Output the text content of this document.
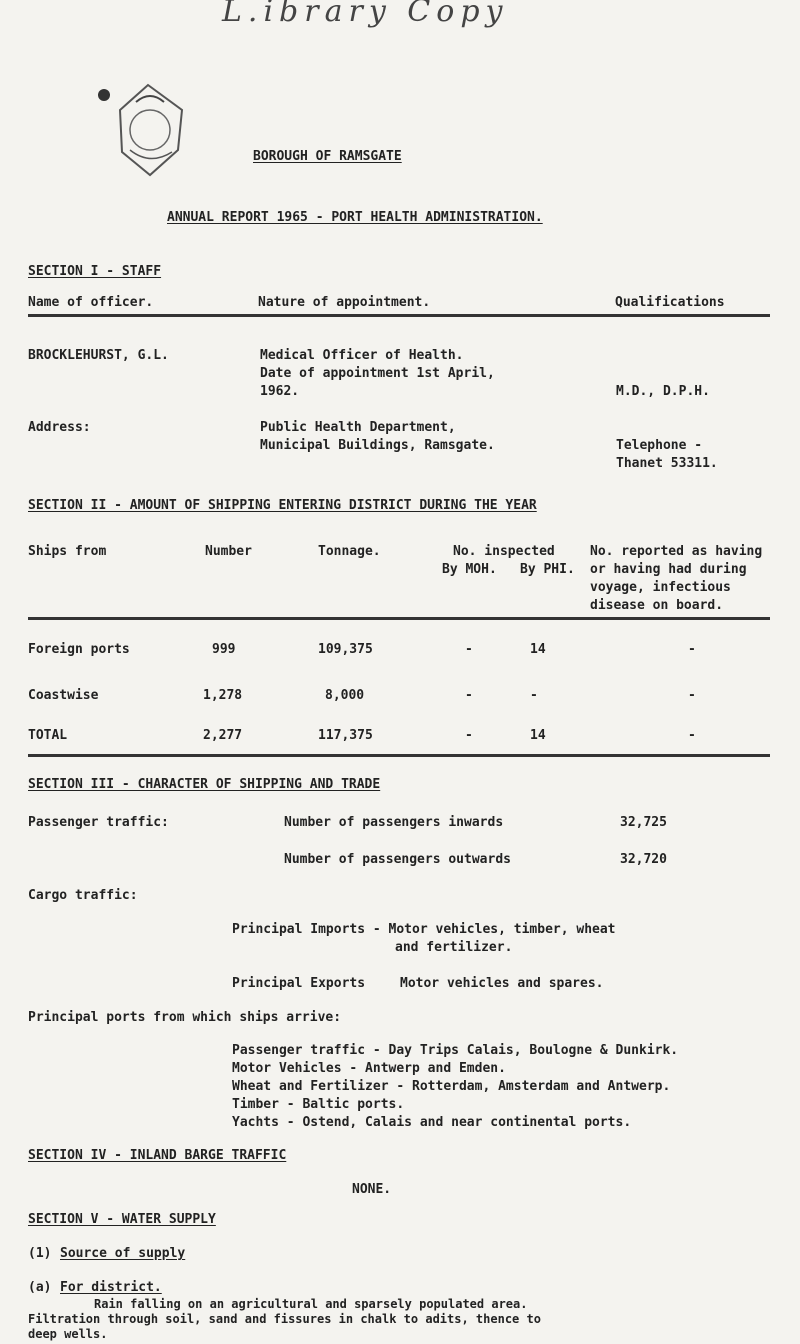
L.ibrary Copy
BOROUGH OF RAMSGATE
ANNUAL REPORT 1965 - PORT HEALTH ADMINISTRATION.
SECTION I - STAFF
Name of officer.	Nature of appointment.	Qualifications
BROCKLEHURST, G.L.	Medical Officer of Health.
Date of appointment 1st April,
1962.	M.D., D.P.H.
Address:	Public Health Department,
Municipal Buildings, Ramsgate.	Telephone -
Thanet 53311.
SECTION II - AMOUNT OF SHIPPING ENTERING DISTRICT DURING THE YEAR
Ships from	Number	Tonnage.	No. inspected
By MOH. By PHI.
No. reported as having
or having had during
voyage, infectious
disease on board.
Foreign ports	999	109,375	-	14	-
Coastwise	1,278	8,000	-	-	-
TOTAL	2,277	117,375	-	14	-
SECTION III - CHARACTER OF SHIPPING AND TRADE
Passenger traffic:	Number of passengers inwards	32,725
Number of passengers outwards	32,720
Cargo traffic:
Principal Imports - Motor vehicles, timber, wheat
and fertilizer.
Principal Exports	Motor vehicles and spares.
Principal ports from which ships arrive:
Passenger traffic - Day Trips Calais, Boulogne & Dunkirk.
Motor Vehicles - Antwerp and Emden.
Wheat and Fertilizer - Rotterdam, Amsterdam and Antwerp.
Timber - Baltic ports.
Yachts - Ostend, Calais and near continental ports.
SECTION IV - INLAND BARGE TRAFFIC
NONE.
SECTION V - WATER SUPPLY
(1) Source of supply
(a) For district.
Rain falling on an agricultural and sparsely populated area.
Filtration through soil, sand and fissures in chalk to adits, thence to
deep wells.
